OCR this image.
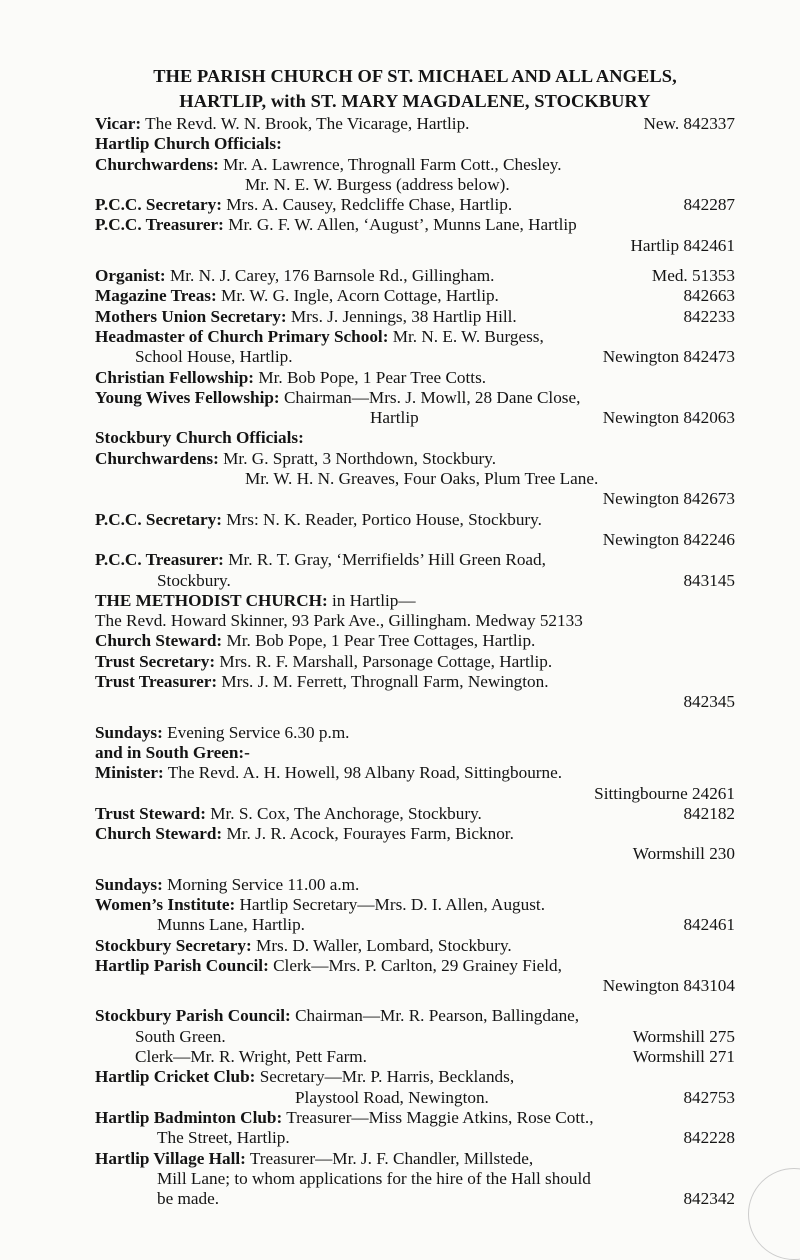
THE PARISH CHURCH OF ST. MICHAEL AND ALL ANGELS,
HARTLIP, with ST. MARY MAGDALENE, STOCKBURY
Vicar: The Revd. W. N. Brook, The Vicarage, Hartlip.	New. 842337
Hartlip Church Officials:
Churchwardens: Mr. A. Lawrence, Thrognall Farm Cott., Chesley.
Mr. N. E. W. Burgess (address below).
P.C.C. Secretary: Mrs. A. Causey, Redcliffe Chase, Hartlip.	842287
P.C.C. Treasurer: Mr. G. F. W. Allen, ‘August’, Munns Lane, Hartlip
Hartlip 842461
Organist: Mr. N. J. Carey, 176 Barnsole Rd., Gillingham.	Med. 51353
Magazine Treas: Mr. W. G. Ingle, Acorn Cottage, Hartlip.	842663
Mothers Union Secretary: Mrs. J. Jennings, 38 Hartlip Hill.	842233
Headmaster of Church Primary School: Mr. N. E. W. Burgess,
School House, Hartlip.	Newington 842473
Christian Fellowship: Mr. Bob Pope, 1 Pear Tree Cotts.
Young Wives Fellowship: Chairman—Mrs. J. Mowll, 28 Dane Close,
Hartlip	Newington 842063
Stockbury Church Officials:
Churchwardens: Mr. G. Spratt, 3 Northdown, Stockbury.
Mr. W. H. N. Greaves, Four Oaks, Plum Tree Lane.
Newington 842673
P.C.C. Secretary: Mrs: N. K. Reader, Portico House, Stockbury.
Newington 842246
P.C.C. Treasurer: Mr. R. T. Gray, ‘Merrifields’ Hill Green Road,
Stockbury.	843145
THE METHODIST CHURCH: in Hartlip—
The Revd. Howard Skinner, 93 Park Ave., Gillingham. Medway 52133
Church Steward: Mr. Bob Pope, 1 Pear Tree Cottages, Hartlip.
Trust Secretary: Mrs. R. F. Marshall, Parsonage Cottage, Hartlip.
Trust Treasurer: Mrs. J. M. Ferrett, Thrognall Farm, Newington.
842345
Sundays: Evening Service 6.30 p.m.
and in South Green:-
Minister: The Revd. A. H. Howell, 98 Albany Road, Sittingbourne.
Sittingbourne 24261
Trust Steward: Mr. S. Cox, The Anchorage, Stockbury.	842182
Church Steward: Mr. J. R. Acock, Fourayes Farm, Bicknor.
Wormshill 230
Sundays: Morning Service 11.00 a.m.
Women’s Institute: Hartlip Secretary—Mrs. D. I. Allen, August.
Munns Lane, Hartlip.	842461
Stockbury Secretary: Mrs. D. Waller, Lombard, Stockbury.
Hartlip Parish Council: Clerk—Mrs. P. Carlton, 29 Grainey Field,
Newington 843104
Stockbury Parish Council: Chairman—Mr. R. Pearson, Ballingdane,
South Green.	Wormshill 275
Clerk—Mr. R. Wright, Pett Farm.	Wormshill 271
Hartlip Cricket Club: Secretary—Mr. P. Harris, Becklands,
Playstool Road, Newington.	842753
Hartlip Badminton Club: Treasurer—Miss Maggie Atkins, Rose Cott.,
The Street, Hartlip.	842228
Hartlip Village Hall: Treasurer—Mr. J. F. Chandler, Millstede,
Mill Lane; to whom applications for the hire of the Hall should
be made.	842342
